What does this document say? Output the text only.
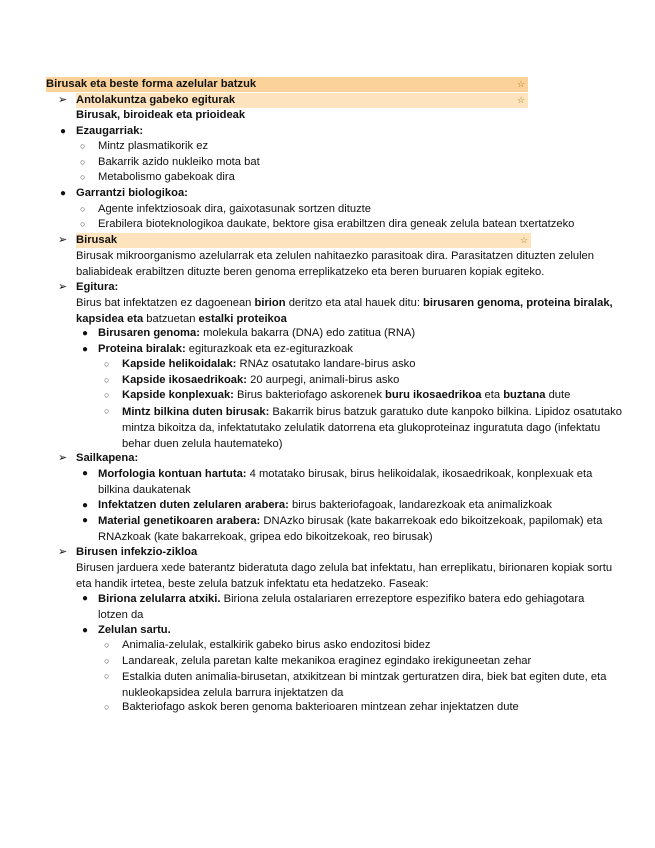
Birusak eta beste forma azelular batzuk	☆
➢ Antolakuntza gabeko egiturak	☆
Birusak, biroideak eta prioideak
● Ezaugarriak:
○ Mintz plasmatikorik ez
○ Bakarrik azido nukleiko mota bat
○ Metabolismo gabekoak dira
● Garrantzi biologikoa:
○ Agente infektziosoak dira, gaixotasunak sortzen dituzte
○ Erabilera bioteknologikoa daukate, bektore gisa erabiltzen dira geneak zelula batean txertatzeko
➢ Birusak	☆
Birusak mikroorganismo azelularrak eta zelulen nahitaezko parasitoak dira. Parasitatzen dituzten zelulen baliabideak erabiltzen dituzte beren genoma erreplikatzeko eta beren buruaren kopiak egiteko.
➢ Egitura:
Birus bat infektatzen ez dagoenean birion deritzo eta atal hauek ditu: birusaren genoma, proteina biralak, kapsidea eta batzuetan estalki proteikoa
● Birusaren genoma: molekula bakarra (DNA) edo zatitua (RNA)
● Proteina biralak: egiturazkoak eta ez-egiturazkoak
○ Kapside helikoidalak: RNAz osatutako landare-birus asko
○ Kapside ikosaedrikoak: 20 aurpegi, animali-birus asko
○ Kapside konplexuak: Birus bakteriofago askorenek buru ikosaedrikoa eta buztana dute
○ Mintz bilkina duten birusak: Bakarrik birus batzuk garatuko dute kanpoko bilkina. Lipidoz osatutako mintza bikoitza da, infektatutako zelulatik datorrena eta glukoproteinaz inguratuta dago (infektatu behar duen zelula hautemateko)
➢ Sailkapena:
● Morfologia kontuan hartuta: 4 motatako birusak, birus helikoidalak, ikosaedrikoak, konplexuak eta bilkina daukatenak
● Infektatzen duten zelularen arabera: birus bakteriofagoak, landarezkoak eta animalizkoak
● Material genetikoaren arabera: DNAzko birusak (kate bakarrekoak edo bikoitzekoak, papilomak) eta RNAzkoak (kate bakarrekoak, gripea edo bikoitzekoak, reo birusak)
➢ Birusen infekzio-zikloa
Birusen jarduera xede baterantz bideratuta dago zelula bat infektatu, han erreplikatu, birionaren kopiak sortu eta handik irtetea, beste zelula batzuk infektatu eta hedatzeko. Faseak:
● Biriona zelularra atxiki. Biriona zelula ostalariaren errezeptore espezifiko batera edo gehiagotara lotzen da
● Zelulan sartu.
○ Animalia-zelulak, estalkirik gabeko birus asko endozitosi bidez
○ Landareak, zelula paretan kalte mekanikoa eraginez egindako irekiguneetan zehar
○ Estalkia duten animalia-birusetan, atxikitzean bi mintzak gerturatzen dira, biek bat egiten dute, eta nukleokapsidea zelula barrura injektatzen da
○ Bakteriofago askok beren genoma bakterioaren mintzean zehar injektatzen dute
